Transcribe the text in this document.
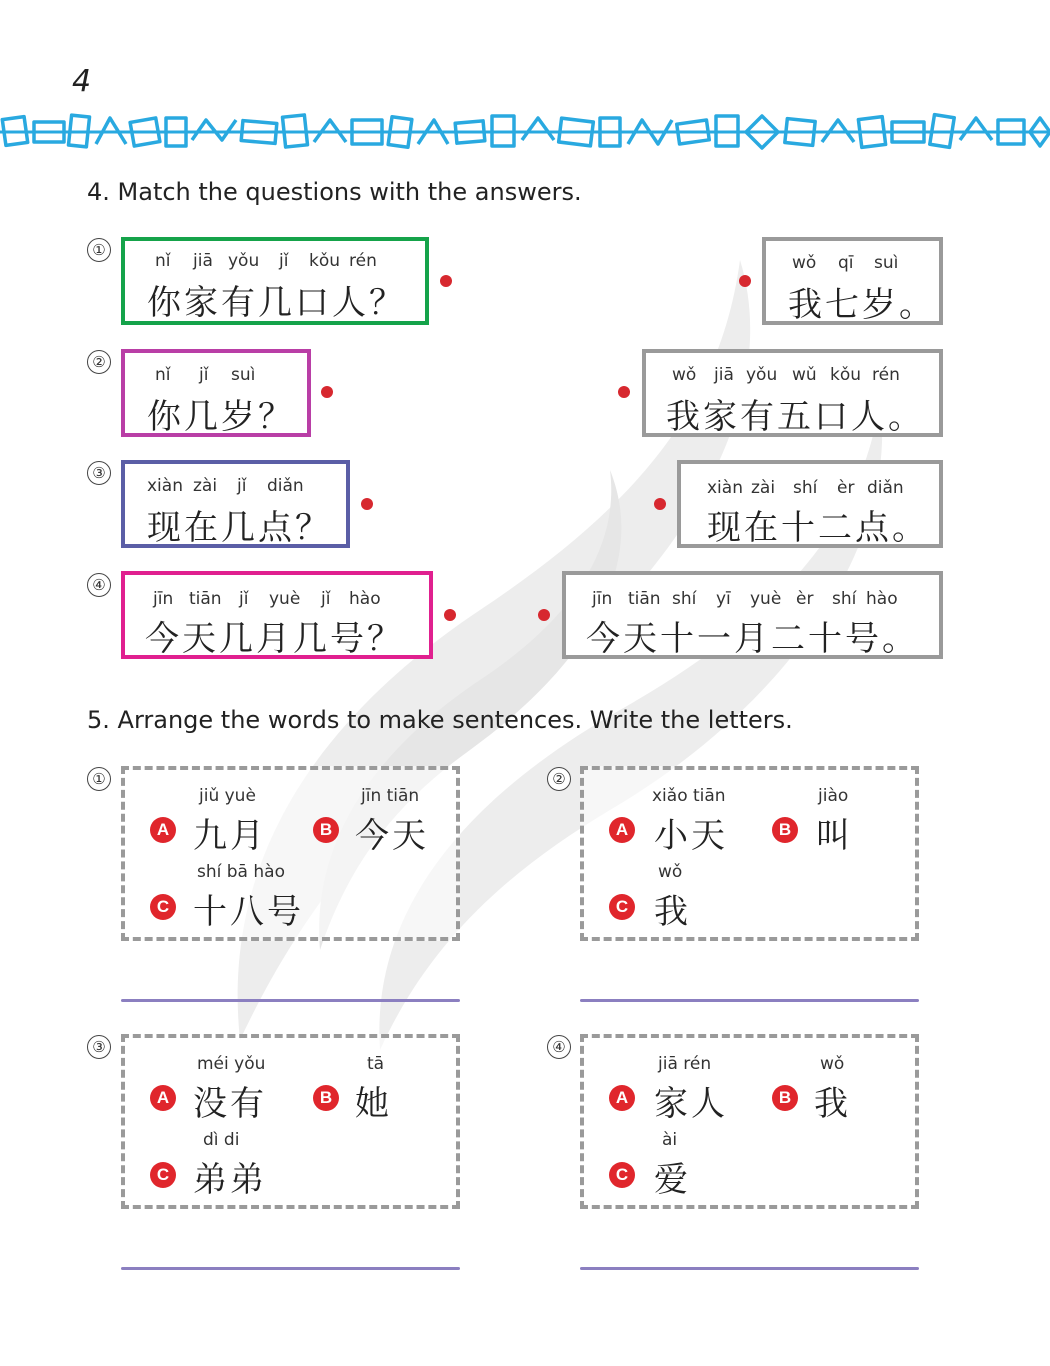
4
4. Match the questions with the answers.
①
nǐ jiā yǒu jǐ kǒu rén
你家有几口人？
wǒ qī suì
我七岁。
②
nǐ jǐ suì
你几岁？
wǒ jiā yǒu wǔ kǒu rén
我家有五口人。
③
xiàn zài jǐ diǎn
现在几点？
xiàn zài shí èr diǎn
现在十二点。
④
jīn tiān jǐ yuè jǐ hào
今天几月几号？
jīn tiān shí yī yuè èr shí hào
今天十一月二十号。
5. Arrange the words to make sentences. Write the letters.
①
jiǔ yuè
A 九月
jīn tiān
B 今天
shí bā hào
C 十八号
②
xiǎo tiān
A 小天
jiào
B 叫
wǒ
C 我
③
méi yǒu
A 没有
tā
B 她
dì di
C 弟弟
④
jiā rén
A 家人
wǒ
B 我
ài
C 爱
